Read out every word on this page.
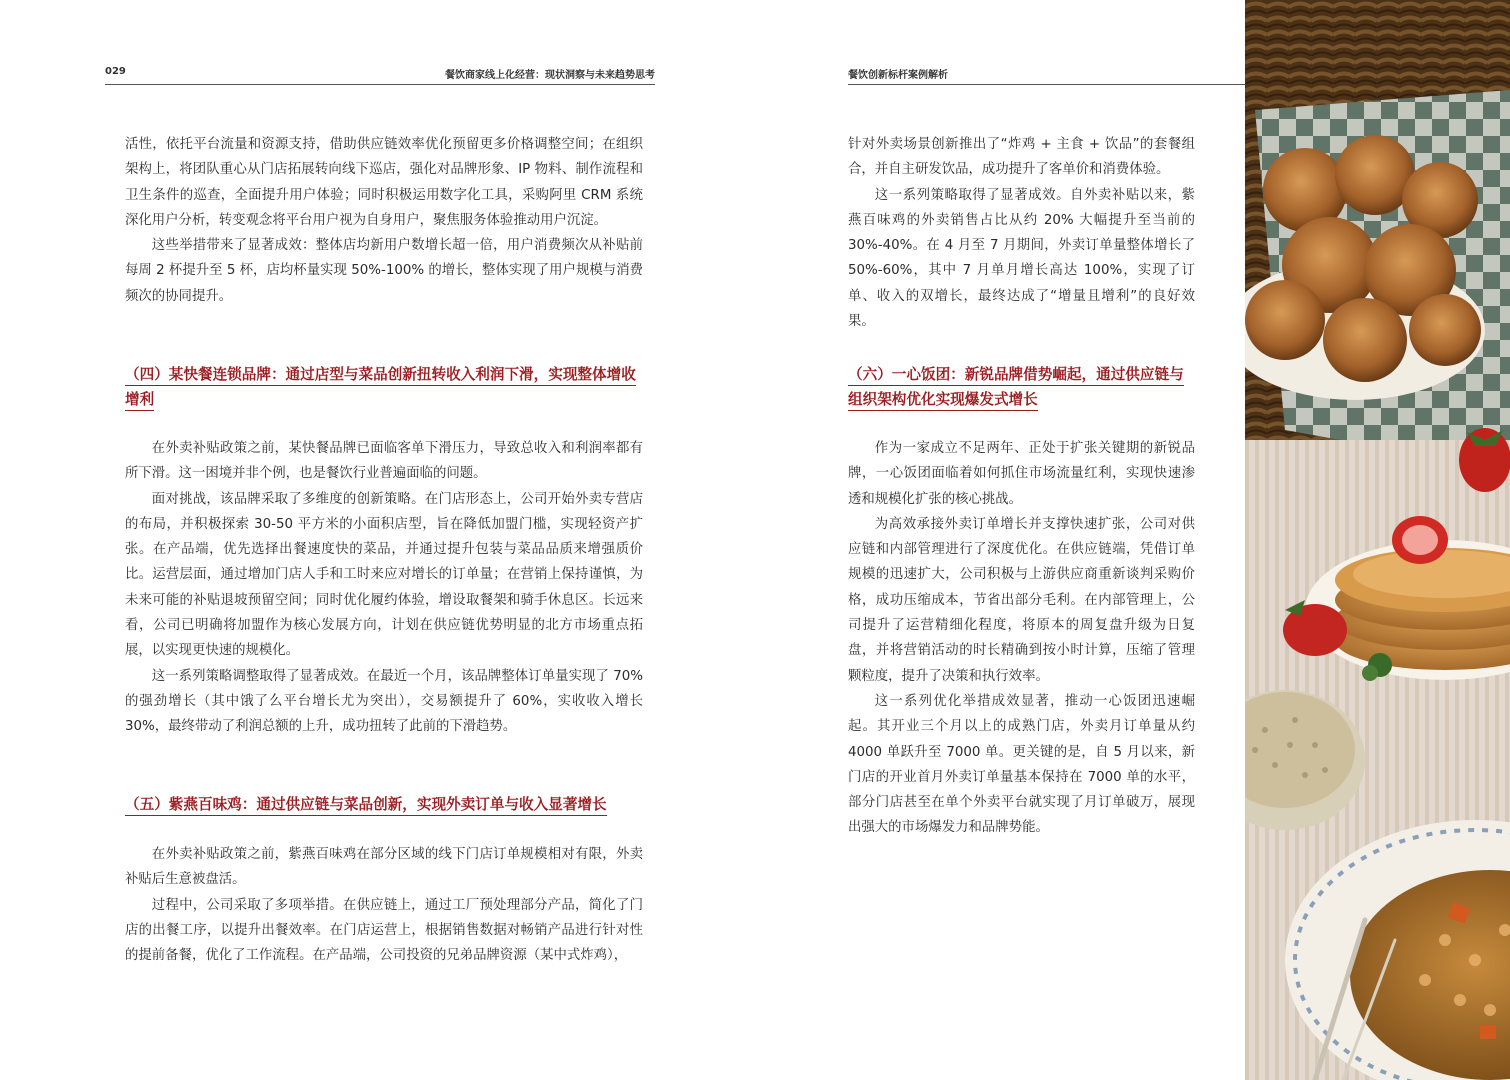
029	餐饮商家线上化经营：现状洞察与未来趋势思考

活性，依托平台流量和资源支持，借助供应链效率优化预留更多价格调整空间；在组织架构上，将团队重心从门店拓展转向线下巡店，强化对品牌形象、IP 物料、制作流程和卫生条件的巡查，全面提升用户体验；同时积极运用数字化工具，采购阿里 CRM 系统深化用户分析，转变观念将平台用户视为自身用户，聚焦服务体验推动用户沉淀。

这些举措带来了显著成效：整体店均新用户数增长超一倍，用户消费频次从补贴前每周 2 杯提升至 5 杯，店均杯量实现 50%-100% 的增长，整体实现了用户规模与消费频次的协同提升。

（四）某快餐连锁品牌：通过店型与菜品创新扭转收入利润下滑，实现整体增收增利

在外卖补贴政策之前，某快餐品牌已面临客单下滑压力，导致总收入和利润率都有所下滑。这一困境并非个例，也是餐饮行业普遍面临的问题。

面对挑战，该品牌采取了多维度的创新策略。在门店形态上，公司开始外卖专营店的布局，并积极探索 30-50 平方米的小面积店型，旨在降低加盟门槛，实现轻资产扩张。在产品端，优先选择出餐速度快的菜品，并通过提升包装与菜品品质来增强质价比。运营层面，通过增加门店人手和工时来应对增长的订单量；在营销上保持谨慎，为未来可能的补贴退坡预留空间；同时优化履约体验，增设取餐架和骑手休息区。长远来看，公司已明确将加盟作为核心发展方向，计划在供应链优势明显的北方市场重点拓展，以实现更快速的规模化。

这一系列策略调整取得了显著成效。在最近一个月，该品牌整体订单量实现了 70% 的强劲增长（其中饿了么平台增长尤为突出），交易额提升了 60%，实收收入增长 30%，最终带动了利润总额的上升，成功扭转了此前的下滑趋势。

（五）紫燕百味鸡：通过供应链与菜品创新，实现外卖订单与收入显著增长

在外卖补贴政策之前，紫燕百味鸡在部分区域的线下门店订单规模相对有限，外卖补贴后生意被盘活。

过程中，公司采取了多项举措。在供应链上，通过工厂预处理部分产品，简化了门店的出餐工序，以提升出餐效率。在门店运营上，根据销售数据对畅销产品进行针对性的提前备餐，优化了工作流程。在产品端，公司投资的兄弟品牌资源（某中式炸鸡），

餐饮创新标杆案例解析

针对外卖场景创新推出了“炸鸡 + 主食 + 饮品”的套餐组合，并自主研发饮品，成功提升了客单价和消费体验。

这一系列策略取得了显著成效。自外卖补贴以来，紫燕百味鸡的外卖销售占比从约 20% 大幅提升至当前的 30%-40%。在 4 月至 7 月期间，外卖订单量整体增长了 50%-60%，其中 7 月单月增长高达 100%，实现了订单、收入的双增长，最终达成了“增量且增利”的良好效果。

（六）一心饭团：新锐品牌借势崛起，通过供应链与组织架构优化实现爆发式增长

作为一家成立不足两年、正处于扩张关键期的新锐品牌，一心饭团面临着如何抓住市场流量红利，实现快速渗透和规模化扩张的核心挑战。

为高效承接外卖订单增长并支撑快速扩张，公司对供应链和内部管理进行了深度优化。在供应链端，凭借订单规模的迅速扩大，公司积极与上游供应商重新谈判采购价格，成功压缩成本，节省出部分毛利。在内部管理上，公司提升了运营精细化程度，将原本的周复盘升级为日复盘，并将营销活动的时长精确到按小时计算，压缩了管理颗粒度，提升了决策和执行效率。

这一系列优化举措成效显著，推动一心饭团迅速崛起。其开业三个月以上的成熟门店，外卖月订单量从约 4000 单跃升至 7000 单。更关键的是，自 5 月以来，新门店的开业首月外卖订单量基本保持在 7000 单的水平，部分门店甚至在单个外卖平台就实现了月订单破万，展现出强大的市场爆发力和品牌势能。
